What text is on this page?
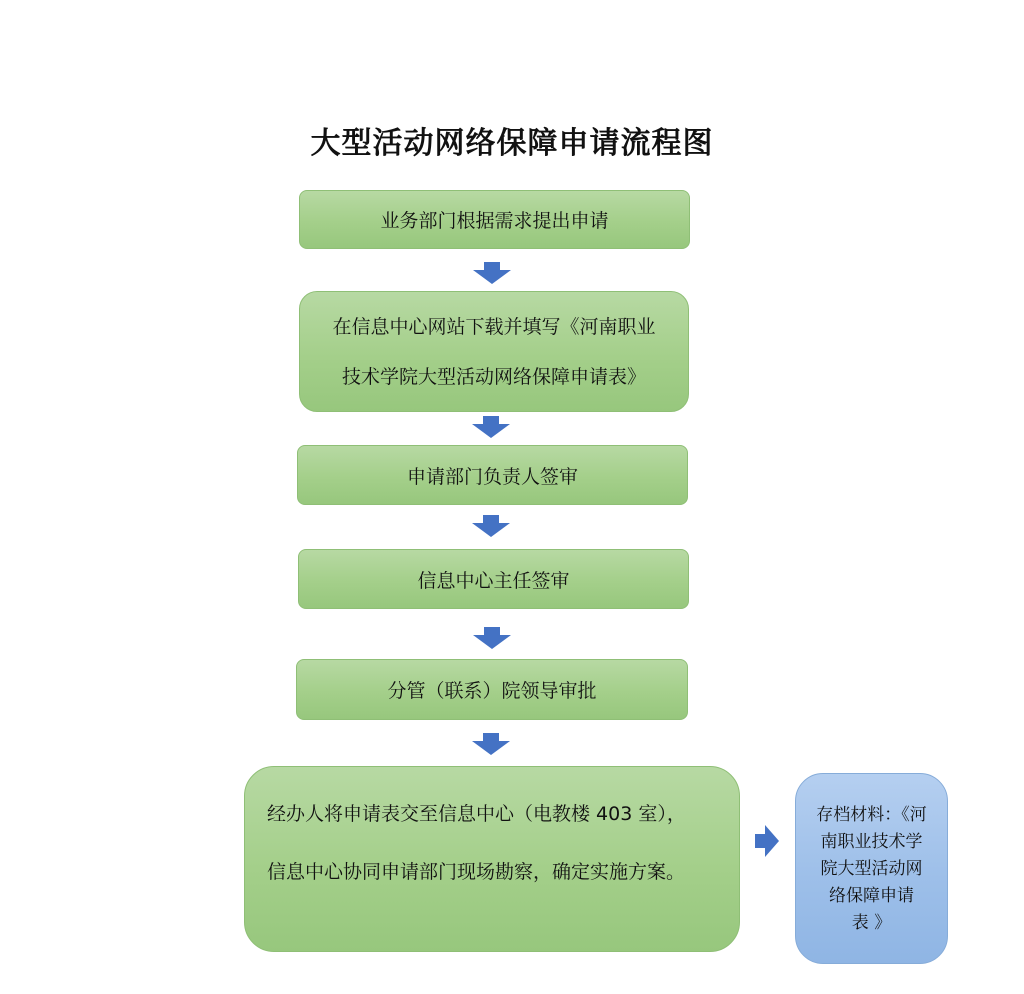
大型活动网络保障申请流程图
业务部门根据需求提出申请
在信息中心网站下载并填写《河南职业
技术学院大型活动网络保障申请表》
申请部门负责人签审
信息中心主任签审
分管（联系）院领导审批
经办人将申请表交至信息中心（电教楼 403 室），
信息中心协同申请部门现场勘察，确定实施方案。
存档材料：《河
南职业技术学
院大型活动网
络保障申请
表 》
